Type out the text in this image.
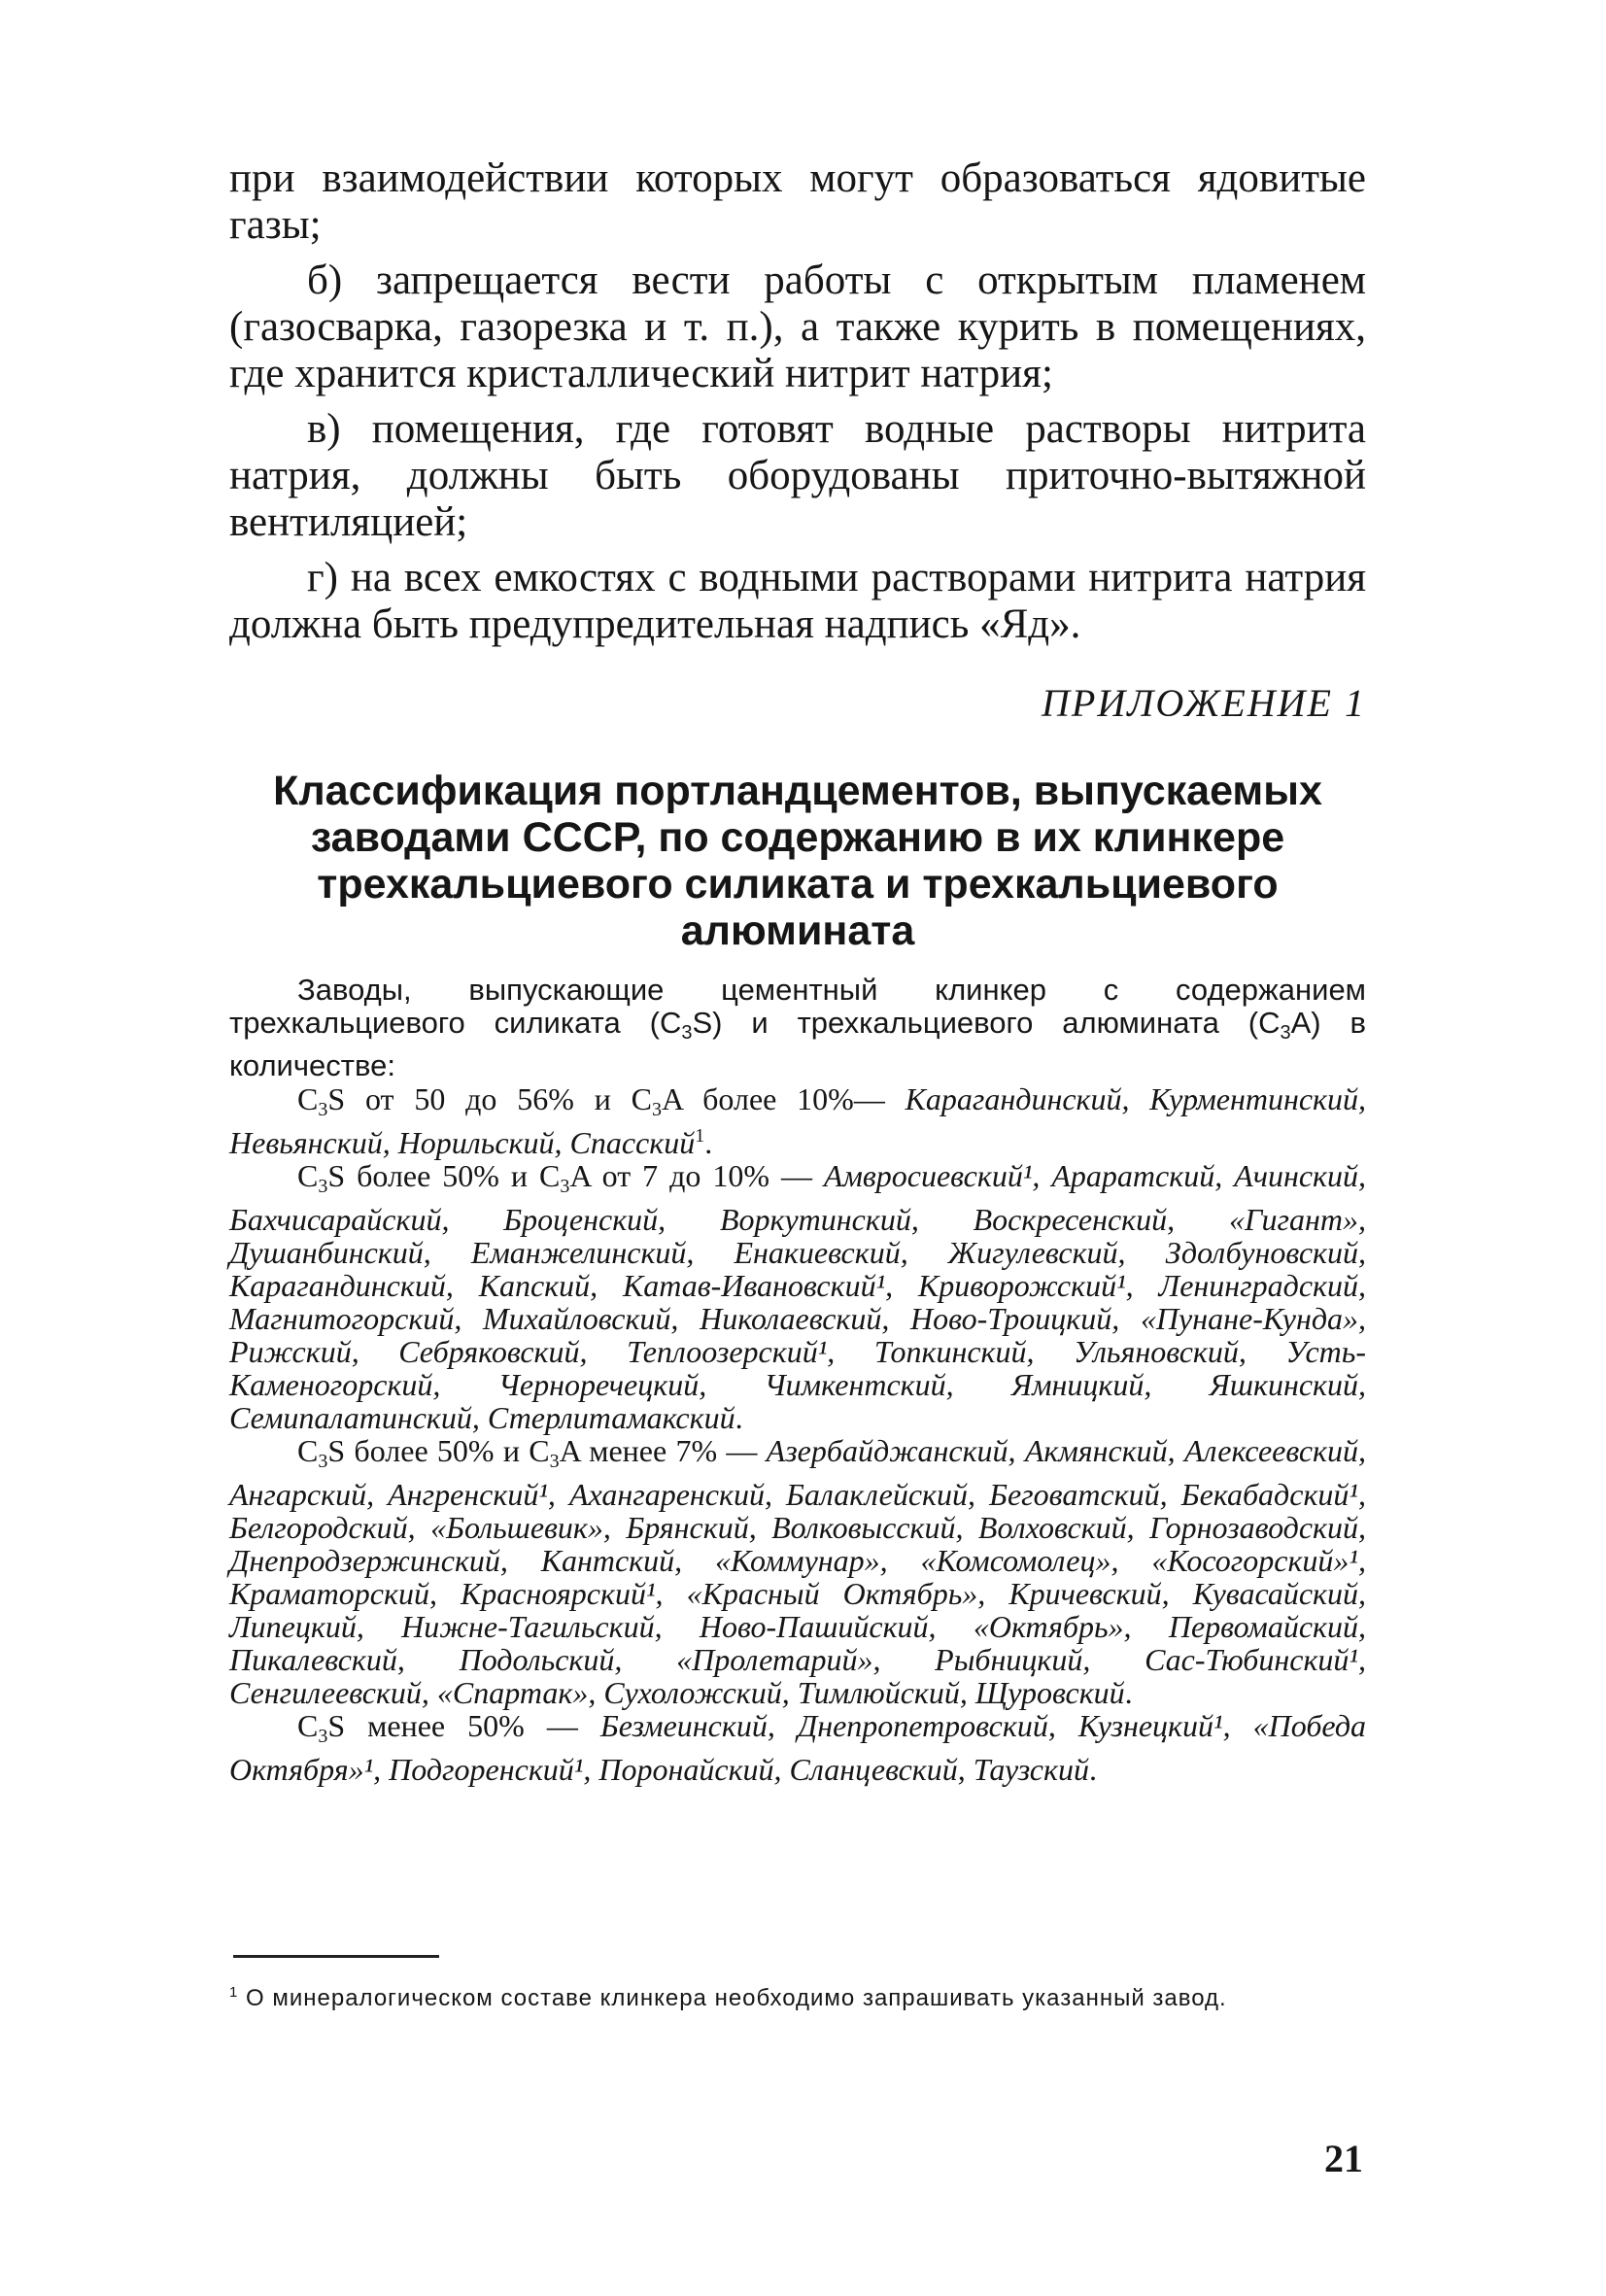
при взаимодействии которых могут образоваться ядовитые газы;

б) запрещается вести работы с открытым пламенем (газосварка, газорезка и т. п.), а также курить в помещениях, где хранится кристаллический нитрит натрия;

в) помещения, где готовят водные растворы нитрита натрия, должны быть оборудованы приточно-вытяжной вентиляцией;

г) на всех емкостях с водными растворами нитрита натрия должна быть предупредительная надпись «Яд».

ПРИЛОЖЕНИЕ 1
Классификация портландцементов, выпускаемых заводами СССР, по содержанию в их клинкере трехкальциевого силиката и трехкальциевого алюмината

Заводы, выпускающие цементный клинкер с содержанием трехкальциевого силиката $(C_3S)$ и трехкальциевого алюмината $(C_3A)$ в количестве:

$C_3S$ от 50 до 56% и $C_3A$ более 10%— Карагандинский, Курментинский, Невьянский, Норильский, Спасский$^1$.

$C_3S$ более 50% и $C_3A$ от 7 до 10% — Амвросиевский¹, Араратский, Ачинский, Бахчисарайский, Броценский, Воркутинский, Воскресенский, «Гигант», Душанбинский, Еманжелинский, Енакиевский, Жигулевский, Здолбуновский, Карагандинский, Капский, Катав-Ивановский¹, Криворожский¹, Ленинградский, Магнитогорский, Михайловский, Николаевский, Ново-Троицкий, «Пунане-Кунда», Рижский, Себряковский, Теплоозерский¹, Топкинский, Ульяновский, Усть-Каменогорский, Черноречецкий, Чимкентский, Ямницкий, Яшкинский, Семипалатинский, Стерлитамакский.

$C_3S$ более 50% и $C_3A$ менее 7% — Азербайджанский, Акмянский, Алексеевский, Ангарский, Ангренский¹, Ахангаренский, Балаклейский, Беговатский, Бекабадский¹, Белгородский, «Большевик», Брянский, Волковысский, Волховский, Горнозаводский, Днепродзержинский, Кантский, «Коммунар», «Комсомолец», «Косогорский»¹, Краматорский, Красноярский¹, «Красный Октябрь», Кричевский, Кувасайский, Липецкий, Нижне-Тагильский, Ново-Пашийский, «Октябрь», Первомайский, Пикалевский, Подольский, «Пролетарий», Рыбницкий, Сас-Тюбинский¹, Сенгилеевский, «Спартак», Сухоложский, Тимлюйский, Щуровский.

$C_3S$ менее 50% — Безмеинский, Днепропетровский, Кузнецкий¹, «Победа Октября»¹, Подгоренский¹, Поронайский, Сланцевский, Таузский.

$^1$ О минералогическом составе клинкера необходимо запрашивать указанный завод.

21
